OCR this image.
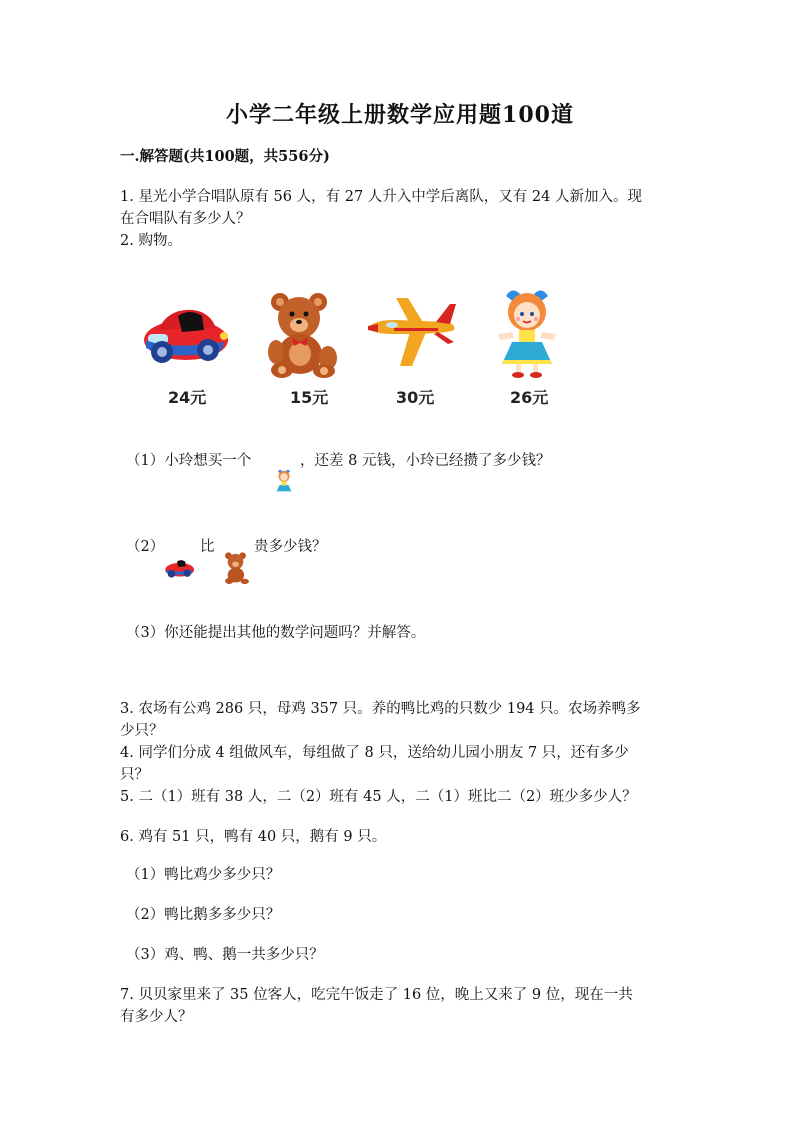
小学二年级上册数学应用题100道
一.解答题(共100题，共556分)
1. 星光小学合唱队原有 56 人，有 27 人升入中学后离队，又有 24 人新加入。现
在合唱队有多少人？
2. 购物。
24元	15元	30元	26元
（1）小玲想买一个	，还差 8 元钱，小玲已经攒了多少钱？
（2） 比	贵多少钱？
（3）你还能提出其他的数学问题吗？并解答。
3. 农场有公鸡 286 只，母鸡 357 只。养的鸭比鸡的只数少 194 只。农场养鸭多
少只？
4. 同学们分成 4 组做风车，每组做了 8 只，送给幼儿园小朋友 7 只，还有多少
只？
5. 二（1）班有 38 人，二（2）班有 45 人，二（1）班比二（2）班少多少人？
6. 鸡有 51 只，鸭有 40 只，鹅有 9 只。
（1）鸭比鸡少多少只？
（2）鸭比鹅多多少只？
（3）鸡、鸭、鹅一共多少只？
7. 贝贝家里来了 35 位客人，吃完午饭走了 16 位，晚上又来了 9 位，现在一共
有多少人？
